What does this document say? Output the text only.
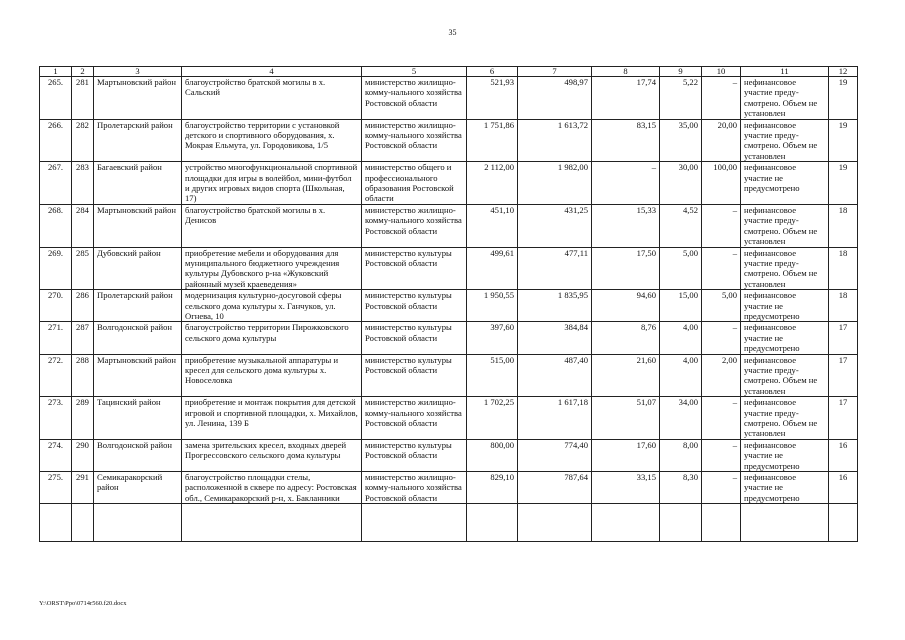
35
1	2	3	4	5	6	7	8	9	10	11	12
265.	281	Мартыновский район	благоустройство братской могилы в х. Сальский	министерство жилищно-комму-нального хозяйства Ростовской области	521,93	498,97	17,74	5,22	–	нефинансовое участие преду-смотрено. Объем не установлен	19
266.	282	Пролетарский район	благоустройство территории с установкой детского и спортивного оборудования, х. Мокрая Ельмута, ул. Городовикова, 1/5	министерство жилищно-комму-нального хозяйства Ростовской области	1 751,86	1 613,72	83,15	35,00	20,00	нефинансовое участие преду-смотрено. Объем не установлен	19
267.	283	Багаевский район	устройство многофункциональной спортивной площадки для игры в волейбол, мини-футбол и других игровых видов спорта (Школьная, 17)	министерство общего и профессионального образования Ростовской области	2 112,00	1 982,00	–	30,00	100,00	нефинансовое участие не предусмотрено	19
268.	284	Мартыновский район	благоустройство братской могилы в х. Денисов	министерство жилищно-комму-нального хозяйства Ростовской области	451,10	431,25	15,33	4,52	–	нефинансовое участие преду-смотрено. Объем не установлен	18
269.	285	Дубовский район	приобретение мебели и оборудования для муниципального бюджетного учреждения культуры Дубовского р-на «Жуковский районный музей краеведения»	министерство культуры Ростовской области	499,61	477,11	17,50	5,00	–	нефинансовое участие преду-смотрено. Объем не установлен	18
270.	286	Пролетарский район	модернизация культурно-досуговой сферы сельского дома культуры х. Ганчуков, ул. Огнева, 10	министерство культуры Ростовской области	1 950,55	1 835,95	94,60	15,00	5,00	нефинансовое участие не предусмотрено	18
271.	287	Волгодонской район	благоустройство территории Пирожковского сельского дома культуры	министерство культуры Ростовской области	397,60	384,84	8,76	4,00	–	нефинансовое участие не предусмотрено	17
272.	288	Мартыновский район	приобретение музыкальной аппаратуры и кресел для сельского дома культуры х. Новоселовка	министерство культуры Ростовской области	515,00	487,40	21,60	4,00	2,00	нефинансовое участие преду-смотрено. Объем не установлен	17
273.	289	Тацинский район	приобретение и монтаж покрытия для детской игровой и спортивной площадки, х. Михайлов, ул. Ленина, 139 Б	министерство жилищно-комму-нального хозяйства Ростовской области	1 702,25	1 617,18	51,07	34,00	–	нефинансовое участие преду-смотрено. Объем не установлен	17
274.	290	Волгодонской район	замена зрительских кресел, входных дверей Прогрессовского сельского дома культуры	министерство культуры Ростовской области	800,00	774,40	17,60	8,00	–	нефинансовое участие не предусмотрено	16
275.	291	Семикаракорский район	благоустройство площадки стелы, расположенной в сквере по адресу: Ростовская обл., Семикаракорский р-н, х. Бакланники	министерство жилищно-комму-нального хозяйства Ростовской области	829,10	787,64	33,15	8,30	–	нефинансовое участие не предусмотрено	16

Y:\ORST\Ppo\0714r560.f20.docx
